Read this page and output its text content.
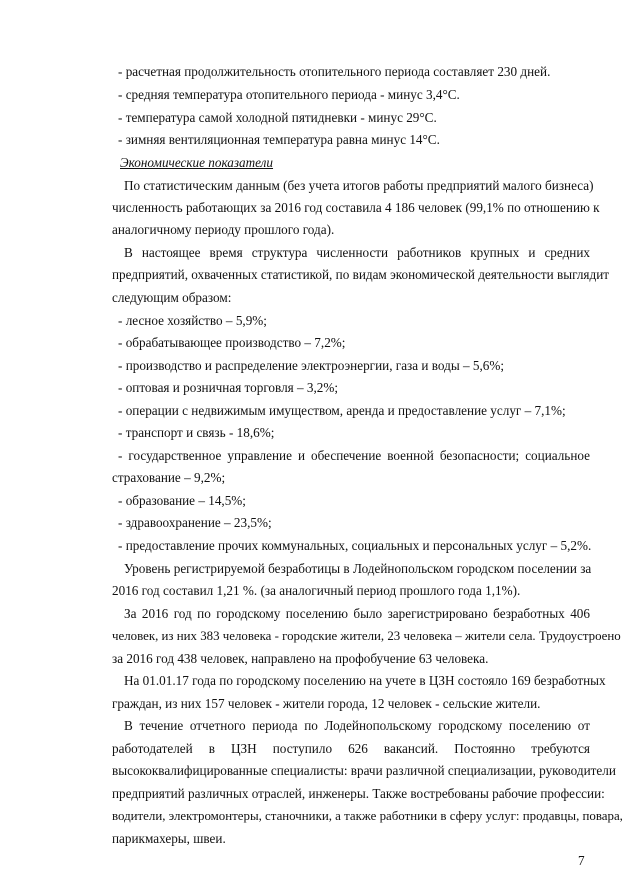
- расчетная продолжительность отопительного периода составляет 230 дней.

- средняя температура отопительного периода - минус 3,4°С.

- температура самой холодной пятидневки - минус 29°С.

- зимняя вентиляционная температура равна минус 14°С.

Экономические показатели

По статистическим данным (без учета итогов работы предприятий малого бизнеса)

численность работающих за 2016 год составила 4 186 человек (99,1% по отношению к

аналогичному периоду прошлого года).

В настоящее время структура численности работников крупных и средних

предприятий, охваченных статистикой, по видам экономической деятельности выглядит

следующим образом:

- лесное хозяйство – 5,9%;

- обрабатывающее производство – 7,2%;

- производство и распределение электроэнергии, газа и воды – 5,6%;

- оптовая и розничная торговля – 3,2%;

- операции с недвижимым имуществом, аренда и предоставление услуг – 7,1%;

- транспорт и связь - 18,6%;

- государственное управление и обеспечение военной безопасности; социальное

страхование – 9,2%;

- образование – 14,5%;

- здравоохранение – 23,5%;

- предоставление прочих коммунальных, социальных и персональных услуг – 5,2%.

Уровень регистрируемой безработицы в Лодейнопольском городском поселении за

2016 год составил 1,21 %. (за аналогичный период прошлого года 1,1%).

За 2016 год по городскому поселению было зарегистрировано безработных 406

человек, из них 383 человека - городские жители, 23 человека – жители села. Трудоустроено

за 2016 год 438 человек, направлено на профобучение 63 человека.

На 01.01.17 года по городскому поселению на учете в ЦЗН состояло 169 безработных

граждан, из них 157 человек - жители города, 12 человек - сельские жители.

В течение отчетного периода по Лодейнопольскому городскому поселению от

работодателей в ЦЗН поступило 626 вакансий. Постоянно требуются

высококвалифицированные специалисты: врачи различной специализации, руководители

предприятий различных отраслей, инженеры. Также востребованы рабочие профессии:

водители, электромонтеры, станочники, а также работники в сферу услуг: продавцы, повара,

парикмахеры, швеи.

7
